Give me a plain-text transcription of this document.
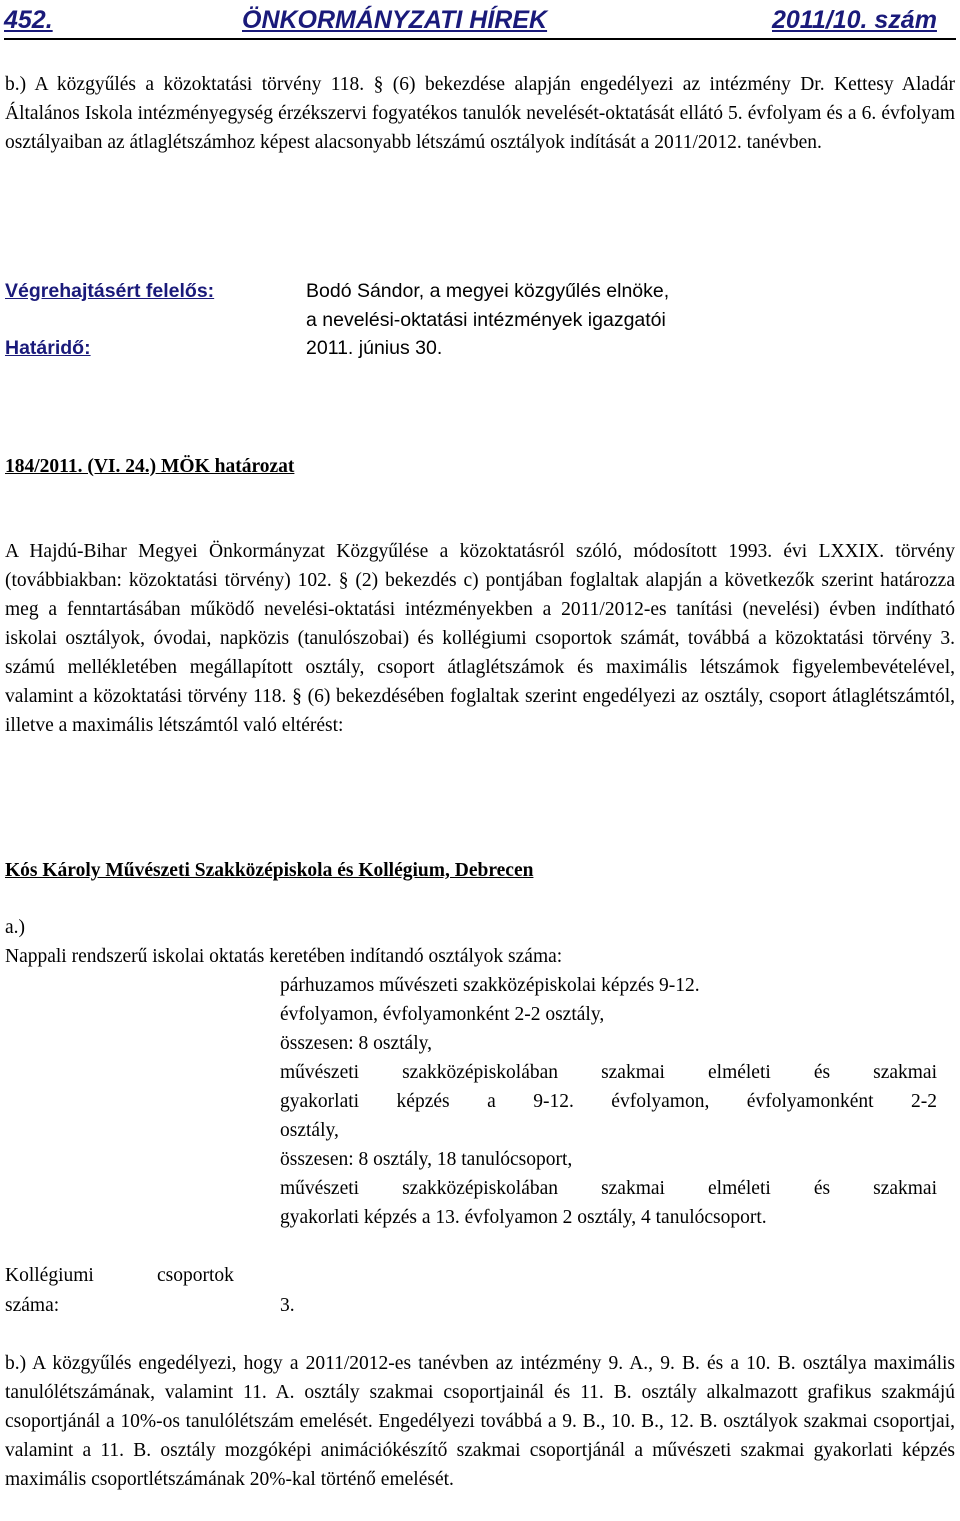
452.	ÖNKORMÁNYZATI HÍREK	2011/10. szám
b.) A közgyűlés a közoktatási törvény 118. § (6) bekezdése alapján engedélyezi az intézmény Dr. Kettesy Aladár Általános Iskola intézményegység érzékszervi fogyatékos tanulók nevelését-oktatását ellátó 5. évfolyam és a 6. évfolyam osztályaiban az átlaglétszámhoz képest alacsonyabb létszámú osztályok indítását a 2011/2012. tanévben.
Végrehajtásért felelős:	Bodó Sándor, a megyei közgyűlés elnöke,
a nevelési-oktatási intézmények igazgatói
Határidő:	2011. június 30.
184/2011. (VI. 24.) MÖK határozat
A Hajdú-Bihar Megyei Önkormányzat Közgyűlése a közoktatásról szóló, módosított 1993. évi LXXIX. törvény (továbbiakban: közoktatási törvény) 102. § (2) bekezdés c) pontjában foglaltak alapján a következők szerint határozza meg a fenntartásában működő nevelési-oktatási intézményekben a 2011/2012-es tanítási (nevelési) évben indítható iskolai osztályok, óvodai, napközis (tanulószobai) és kollégiumi csoportok számát, továbbá a közoktatási törvény 3. számú mellékletében megállapított osztály, csoport átlaglétszámok és maximális létszámok figyelembevételével, valamint a közoktatási törvény 118. § (6) bekezdésében foglaltak szerint engedélyezi az osztály, csoport átlaglétszámtól, illetve a maximális létszámtól való eltérést:
Kós Károly Művészeti Szakközépiskola és Kollégium, Debrecen
a.)
Nappali rendszerű iskolai oktatás keretében indítandó osztályok száma:
párhuzamos művészeti szakközépiskolai képzés 9-12.
évfolyamon, évfolyamonként 2-2 osztály,
összesen: 8 osztály,
művészeti szakközépiskolában szakmai elméleti és szakmai
gyakorlati képzés a 9-12. évfolyamon, évfolyamonként 2-2
osztály,
összesen: 8 osztály, 18 tanulócsoport,
művészeti szakközépiskolában szakmai elméleti és szakmai
gyakorlati képzés a 13. évfolyamon 2 osztály, 4 tanulócsoport.
Kollégiumi	csoportok
száma:	3.
b.) A közgyűlés engedélyezi, hogy a 2011/2012-es tanévben az intézmény 9. A., 9. B. és a 10. B. osztálya maximális tanulólétszámának, valamint 11. A. osztály szakmai csoportjainál és 11. B. osztály alkalmazott grafikus szakmájú csoportjánál a 10%-os tanulólétszám emelését. Engedélyezi továbbá a 9. B., 10. B., 12. B. osztályok szakmai csoportjai, valamint a 11. B. osztály mozgóképi animációkészítő szakmai csoportjánál a művészeti szakmai gyakorlati képzés maximális csoportlétszámának 20%-kal történő emelését.
